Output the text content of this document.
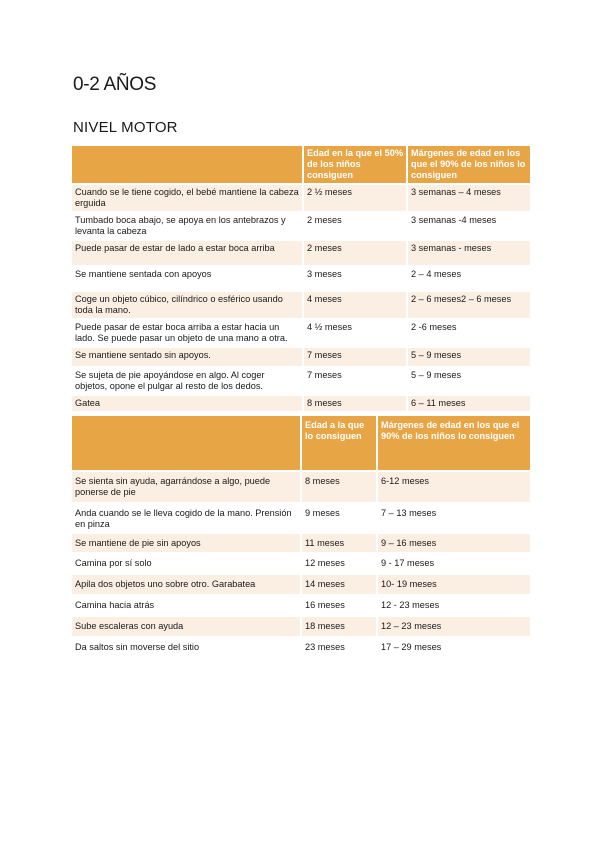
0-2 AÑOS
NIVEL MOTOR
	Edad en la que el 50% de los niños consiguen	Márgenes de edad en los que el 90% de los niños lo consiguen
Cuando se le tiene cogido, el bebé mantiene la cabeza erguida	2 ½ meses	3 semanas – 4 meses
Tumbado boca abajo, se apoya en los antebrazos y levanta la cabeza	2 meses	3 semanas -4 meses
Puede pasar de estar de lado a estar boca arriba	2 meses	3 semanas - meses
Se mantiene sentada con apoyos	3 meses	2 – 4 meses
Coge un objeto cúbico, cilíndrico o esférico usando toda la mano.	4 meses	2 – 6 meses2 – 6 meses
Puede pasar de estar boca arriba a estar hacia un lado. Se puede pasar un objeto de una mano a otra.	4 ½ meses	2 -6 meses
Se mantiene sentado sin apoyos.	7 meses	5 – 9 meses
Se sujeta de pie apoyándose en algo. Al coger objetos, opone el pulgar al resto de los dedos.	7 meses	5 – 9 meses
Gatea	8 meses	6 – 11 meses
	Edad a la que lo consiguen	Márgenes de edad en los que el 90% de los niños lo consiguen
Se sienta sin ayuda, agarrándose a algo, puede ponerse de pie	8 meses	6-12 meses
Anda cuando se le lleva cogido de la mano. Prensión en pinza	9 meses	7 – 13 meses
Se mantiene de pie sin apoyos	11 meses	9 – 16 meses
Camina por sí solo	12 meses	9 - 17 meses
Apila dos objetos uno sobre otro. Garabatea	14 meses	10- 19 meses
Camina hacia atrás	16 meses	12 - 23 meses
Sube escaleras con ayuda	18 meses	12 – 23 meses
Da saltos sin moverse del sitio	23 meses	17 – 29 meses
